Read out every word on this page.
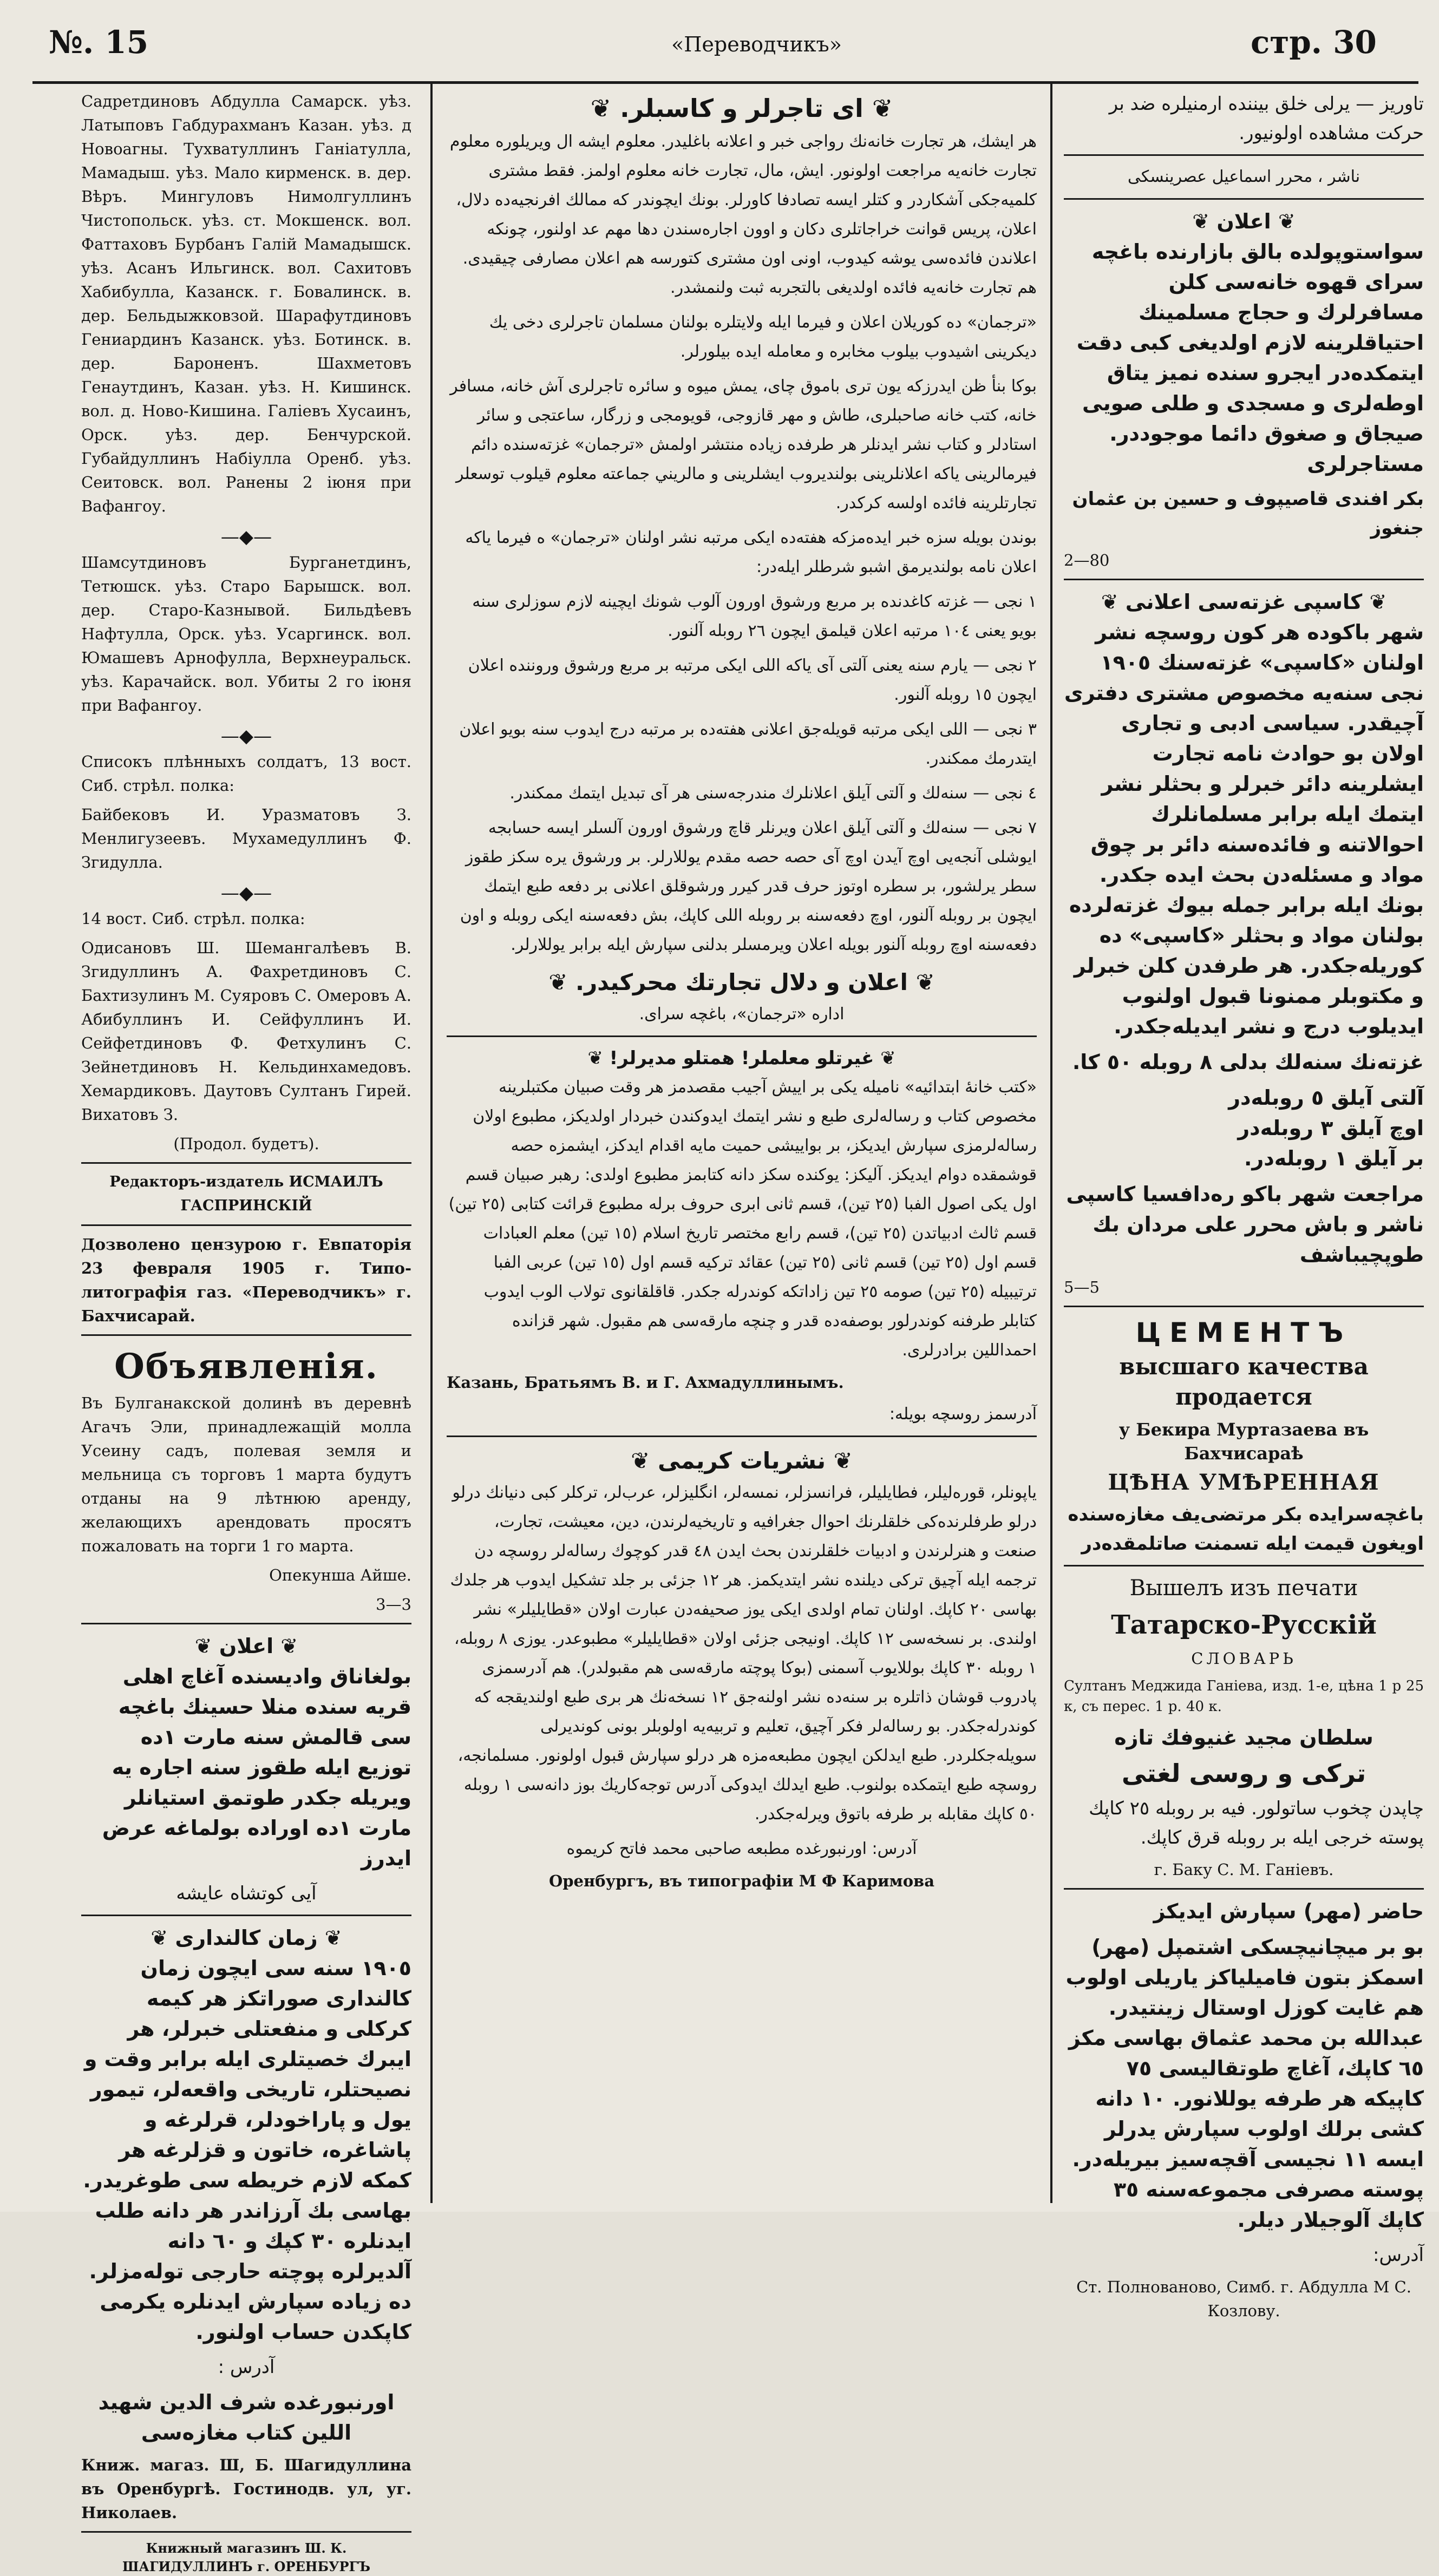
№. 15	«Переводчикъ»	стр. 30

Садретдиновъ Абдулла Самарск. уѣз. Латыповъ Габдурахманъ Казан. уѣз. д Новоагны. Тухватуллинъ Ганіатулла, Мамадыш. уѣз. Мало кирменск. в. дер. Вѣръ. Мингуловъ Нимолгуллинъ Чистопольск. уѣз. ст. Мокшенск. вол. Фаттаховъ Бурбанъ Галій Мамадышск. уѣз. Асанъ Ильгинск. вол. Сахитовъ Хабибулла, Казанск. г. Бовалинск. в. дер. Бельдыжковзой. Шарафутдиновъ Гениардинъ Казанск. уѣз. Ботинск. в. дер. Бароненъ. Шахметовъ Генаутдинъ, Казан. уѣз. Н. Кишинск. вол. д. Ново-Кишина. Галіевъ Хусаинъ, Орск. уѣз. дер. Бенчурской. Губайдуллинъ Набіулла Оренб. уѣз. Сеитовск. вол. Ранены 2 іюня при Вафангоу.

—◆—

Шамсутдиновъ Бурганетдинъ, Тетюшск. уѣз. Старо Барышск. вол. дер. Старо-Казнывой. Бильдѣевъ Нафтулла, Орск. уѣз. Усаргинск. вол. Юмашевъ Арнофулла, Верхнеуральск. уѣз. Карачайск. вол. Убиты 2 го іюня при Вафангоу.

—◆—

Списокъ плѣнныхъ солдатъ, 13 вост. Сиб. стрѣл. полка:

Байбековъ И. Уразматовъ З. Менлигузеевъ. Мухамедуллинъ Ф. Згидулла.

—◆—

14 вост. Сиб. стрѣл. полка:

Одисановъ Ш. Шемангалѣевъ В. Згидуллинъ А. Фахретдиновъ С. Бахтизулинъ М. Суяровъ С. Омеровъ А. Абибуллинъ И. Сейфуллинъ И. Сейфетдиновъ Ф. Фетхулинъ С. Зейнетдиновъ Н. Кельдинхамедовъ. Хемардиковъ. Даутовъ Султанъ Гирей. Вихатовъ З.

(Продол. будетъ).

Редакторъ-издатель ИСМАИЛЪ ГАСПРИНСКІЙ

Дозволено цензурою г. Евпаторія 23 февраля 1905 г. Типо-литографія газ. «Переводчикъ» г. Бахчисарай.

Объявленія.

Въ Булганакской долинѣ въ деревнѣ Агачъ Эли, принадлежащій молла Усеину садъ, полевая земля и мельница съ торговъ 1 марта будутъ отданы на 9 лѣтнюю аренду, желающихъ арендовать просятъ пожаловать на торги 1 го марта.

Опекунша Айше.

3—3

❦ اعلان ❦

بولغاناق وادیسنده آغاچ اهلی قریه سنده منلا حسینك باغچه سی قالمش سنه مارت ١ده توزیع ایله طقوز سنه اجاره یه ویریله جكدر طوتمق استیانلر مارت ١ده اوراده بولماغه عرض ایدرز

آیی كوتشاه عایشه

❦ زمان كالنداری ❦

١٩٠٥ سنه سی ایچون زمان كالنداری صوراتكز هر كیمه كركلی و منفعتلی خبرلر، هر ایبرك خصیتلری ایله برابر وقت و نصیحتلر، تاریخی واقعه‌لر، تیمور یول و پاراخودلر، قرلرغه و پاشاغره، خاتون و قزلرغه هر كمكه لازم خریطه سی طوغریدر. بهاسی بك آرزاندر هر دانه طلب ایدنلره ٣٠ كپك و ٦٠ دانه آلدیرلره پوچته حارجی توله‌مزلر. ده زیاده سپارش ایدنلره یكرمی كاپكدن حساب اولنور.

آدرس :

اورنبورغده شرف الدین شهید اللین كتاب مغازه‌سی

Книж. магаз. Ш, Б. Шагидуллина въ Оренбургѣ. Гостинодв. ул, уг. Николаев.

Книжный магазинъ Ш. К. ШАГИДУЛЛИНЪ г. ОРЕНБУРГЪ

❦ ای تاجرلر و كاسبلر. ❦

هر ایشك، هر تجارت خانه‌نك رواجی خبر و اعلانه باغلیدر. معلوم ایشه ال ویریلوره معلوم تجارت خانه‌یه مراجعت اولونور. ایش، مال، تجارت خانه معلوم اولمز. فقط مشتری كلمیه‌جكی آشكاردر و كتلر ایسه تصادفا كاورلر. بونك ایچوندر كه ممالك افرنجیه‌ده دلال، اعلان، پریس قوانت خراجاتلری دكان و اوون اجاره‌سندن دها مهم عد اولنور، چونكه اعلاندن فائده‌سی یوشه كیدوب، اونی اون مشتری كتورسه هم اعلان مصارفی چیقیدی. هم تجارت خانه‌یه فائده اولدیغی بالتجربه ثبت ولنمشدر.

«ترجمان» ده كوریلان اعلان و فیرما ایله ولایتلره بولنان مسلمان تاجرلری دخی یك دیكرینی اشیدوب بیلوب مخابره و معامله ایده بیلورلر.

بوكا بنأ ظن ایدرزكه یون تری باموق چای، یمش میوه و سائره تاجرلری آش خانه، مسافر خانه، كتب خانه صاحبلری، طاش و مهر قازوجی، قویومجی و زرگار، ساعتجی و سائر استادلر و كتاب نشر ایدنلر هر طرفده زیاده منتشر اولمش «ترجمان» غزته‌سنده دائم فیرمالرینی یاكه اعلانلرینی بولندیروب ایشلرینی و مالریني جماعته معلوم قیلوب توسعلر تجارتلرینه فائده اولسه كركدر.

بوندن بویله سزه خبر ایده‌مزكه هفته‌ده ایكی مرتبه نشر اولنان «ترجمان» ه فیرما یاكه اعلان نامه بولندیرمق اشبو شرطلر ایله‌در:

١ نجی — غزته كاغدنده بر مربع ورشوق اورون آلوب شونك ایچینه لازم سوزلری سنه بویو یعنی ١٠٤ مرتبه اعلان قیلمق ایچون ٢٦ روبله آلنور.

٢ نجی — یارم سنه یعنی آلتی آی یاكه اللی ایكی مرتبه بر مربع ورشوق وروننده اعلان ایچون ١٥ روبله آلنور.

٣ نجی — اللی ایكی مرتبه قویله‌جق اعلانی هفته‌ده بر مرتبه درج ایدوب سنه بویو اعلان ایتدرمك ممكندر.

٤ نجی — سنه‌لك و آلتی آیلق اعلانلرك مندرجه‌سنی هر آی تبدیل ایتمك ممكندر.

٧ نجی — سنه‌لك و آلتی آیلق اعلان ویرنلر قاچ ورشوق اورون آلسلر ایسه حسابجه ایوشلی آنجه‌یی اوچ آیدن اوچ آی حصه حصه مقدم یوللارلر. بر ورشوق یره سكز طقوز سطر یرلشور، بر سطره اوتوز حرف قدر كیرر ورشوقلق اعلانی بر دفعه طبع ایتمك ایچون بر روبله آلنور، اوچ دفعه‌سنه بر روبله اللی كاپك، بش دفعه‌سنه ایكی روبله و اون دفعه‌سنه اوچ روبله آلنور بویله اعلان ویرمسلر بدلنی سپارش ایله برابر یوللارلر.

❦ اعلان و دلال تجارتك محركیدر. ❦

اداره «ترجمان»، باغچه سرای.

❦ غیرتلو معلملر! همتلو مدیرلر! ❦

«كتب خانهٔ ابتدائیه» نامیله یكی بر اییش آجیب مقصدمز هر وقت صبیان مكتبلرینه مخصوص كتاب و رساله‌لری طبع و نشر ایتمك ایدوكندن خبردار اولدیكز، مطبوع اولان رساله‌لرمزی سپارش ایدیكز، بر بواییشی حمیت مایه اقدام ایدكز، ایشمزه حصه قوشمقده دوام ایدیكز. آلیكز: یوكنده سكز دانه كتابمز مطبوع اولدی: رهبر صبیان قسم اول یكی اصول الفبا (٢٥ تین)، قسم ثانی ابری حروف برله مطبوع قرائت كتابی (٢٥ تین) قسم ثالث ادبیاتدن (٢٥ تین)، قسم رابع مختصر تاریخ اسلام (١٥ تین) معلم العبادات قسم اول (٢٥ تین) قسم ثانی (٢٥ تین) عقائد تركیه قسم اول (١٥ تین) عربی الفبا ترتیبیله (٢٥ تین) صومه ٢٥ تین زاداتكه كوندرله جكدر. قاقلقانوی تولاب الوب ایدوب كتابلر طرفنه كوندرلور بوصفه‌ده قدر و چنچه مارقه‌سی هم مقبول. شهر قزانده احمداللین برادرلری.

Казань, Братьямъ В. и Г. Ахмадуллинымъ.

آدرسمز روسچه بویله:

❦ نشریات كریمی ❦

یاپونلر، قوره‌لیلر، فطایلیلر، فرانسزلر، نمسه‌لر، انگلیزلر، عرب‌لر، تركلر كبی دنیانك درلو درلو طرفلرنده‌كی خلقلرنك احوال جغرافیه و تاریخیه‌لرندن، دین، معیشت، تجارت، صنعت و هنرلرندن و ادبیات خلقلرندن بحث ایدن ٤٨ قدر كوچوك رساله‌لر روسچه دن ترجمه ایله آچیق تركی دیلنده نشر ایتدیكمز. هر ١٢ جزئی بر جلد تشكیل ایدوب هر جلدك بهاسی ٢٠ كاپك. اولنان تمام اولدی ایكی یوز صحیفه‌دن عبارت اولان «قطایلیلر» نشر اولندی. بر نسخه‌سی ١٢ كاپك. اونیجی جزئی اولان «قطایلیلر» مطبوعدر. یوزی ٨ روبله، ١ روبله ٣٠ كاپك بوللایوب آسمنی (بوكا پوچته مارقه‌سی هم مقبولدر). هم آدرسمزی پادروب قوشان ذاتلره بر سنه‌ده نشر اولنه‌جق ١٢ نسخه‌نك هر بری طبع اولندیقجه كه كوندرله‌جكدر. بو رساله‌لر فكر آچیق، تعلیم و تربیه‌یه اولوبلر بونی كوندیرلی سویله‌جكلردر. طبع ایدلكن ایچون مطبعه‌مزه هر درلو سپارش قبول اولونور. مسلمانجه، روسچه طبع ایتمكده بولنوب. طبع ایدلك ایدوكی آدرس توجه‌كاریك بوز دانه‌سی ١ روبله ٥٠ كاپك مقابله بر طرفه باتوق ویرله‌جكدر.

آدرس: اورنبورغده مطبعه صاحبی محمد فاتح كریموه

Оренбургъ, въ типографіи М Ф Каримова

تاوریز — یرلی خلق بیننده ارمنیلره ضد بر حرکت مشاهده اولونیور.

ناشر ، محرر اسماعیل عصرینسکی

❦ اعلان ❦

سواستوپولده بالق بازارنده باغچه سرای قهوه خانه‌سی كلن مسافرلرك و حجاج مسلمینك احتیاقلرینه لازم اولدیغی كبی دقت ایتمكده‌در ایجرو سنده نمیز یتاق اوطه‌لری و مسجدی و طلی صویی صیجاق و صغوق دائما موجوددر. مستاجرلری

بكر افندی قاصیپوف و حسین بن عثمان جنغوز

2—80

❦ كاسپی غزته‌سی اعلانی ❦

شهر باكوده هر كون روسچه نشر اولنان «كاسپی» غزته‌سنك ١٩٠٥ نجی سنه‌یه مخصوص مشتری دفتری آچیقدر. سیاسی ادبی و تجاری اولان بو حوادث نامه تجارت ایشلرینه دائر خبرلر و بحثلر نشر ایتمك ایله برابر مسلمانلرك احوالاتنه و فائده‌سنه دائر بر چوق مواد و مسئله‌دن بحث ایده جكدر. بونك ایله برابر جمله بیوك غزته‌لرده بولنان مواد و بحثلر «كاسپی» ده كوریله‌جكدر. هر طرفدن كلن خبرلر و مكتوبلر ممنونا قبول اولنوب ایدیلوب درج و نشر ایدیله‌جكدر.

غزته‌نك سنه‌لك بدلی ٨ روبله ٥٠ كا.

آلتی آیلق ٥ روبله‌در

اوچ آیلق ٣ روبله‌در

بر آیلق ١ روبله‌در.

مراجعت شهر باكو ره‌دافسیا كاسپی ناشر و باش محرر علی مردان بك طوپچیباشف

5—5

ЦЕМЕНТЪ

высшаго качества продается

у Бекира Муртазаева въ Бахчисараѣ

ЦѢНА УМѢРЕННАЯ

باغچه‌سرایده بكر مرتضی‌یف مغازه‌سنده اویغون قیمت ایله تسمنت صاتلمقده‌در

Вышелъ изъ печати

Татарско-Русскій

СЛОВАРЬ

Султанъ Меджида Ганіева, изд. 1-е, цѣна 1 р 25 к, съ перес. 1 р. 40 к.

سلطان مجید غنیوفك تازه

تركی و روسی لغتی

چاپدن چخوب ساتولور. فیه بر روبله ٢٥ كاپك پوسته خرجی ایله بر روبله قرق كاپك.

г. Баку С. М. Ганіевъ.

حاضر (مهر) سپارش ایدیكز

بو بر میچانیچسكی اشتمپل (مهر) اسمكز بتون فامیلیاكز یاریلی اولوب هم غایت كوزل اوستال زینتیدر. عبدالله بن محمد عثماق بهاسی مكز ٦٥ كاپك، آغاچ طوتقالیسی ٧٥ كاپیكه هر طرفه یوللانور. ١٠ دانه كشی برلك اولوب سپارش یدرلر ایسه ١١ نجیسی آقچه‌سیز بیریله‌در. پوسته مصرفی مجموعه‌سنه ٣٥ كاپك آلوجیلار دیلر.

آدرس:

Ст. Полнованово, Симб. г. Абдулла М С. Козлову.
